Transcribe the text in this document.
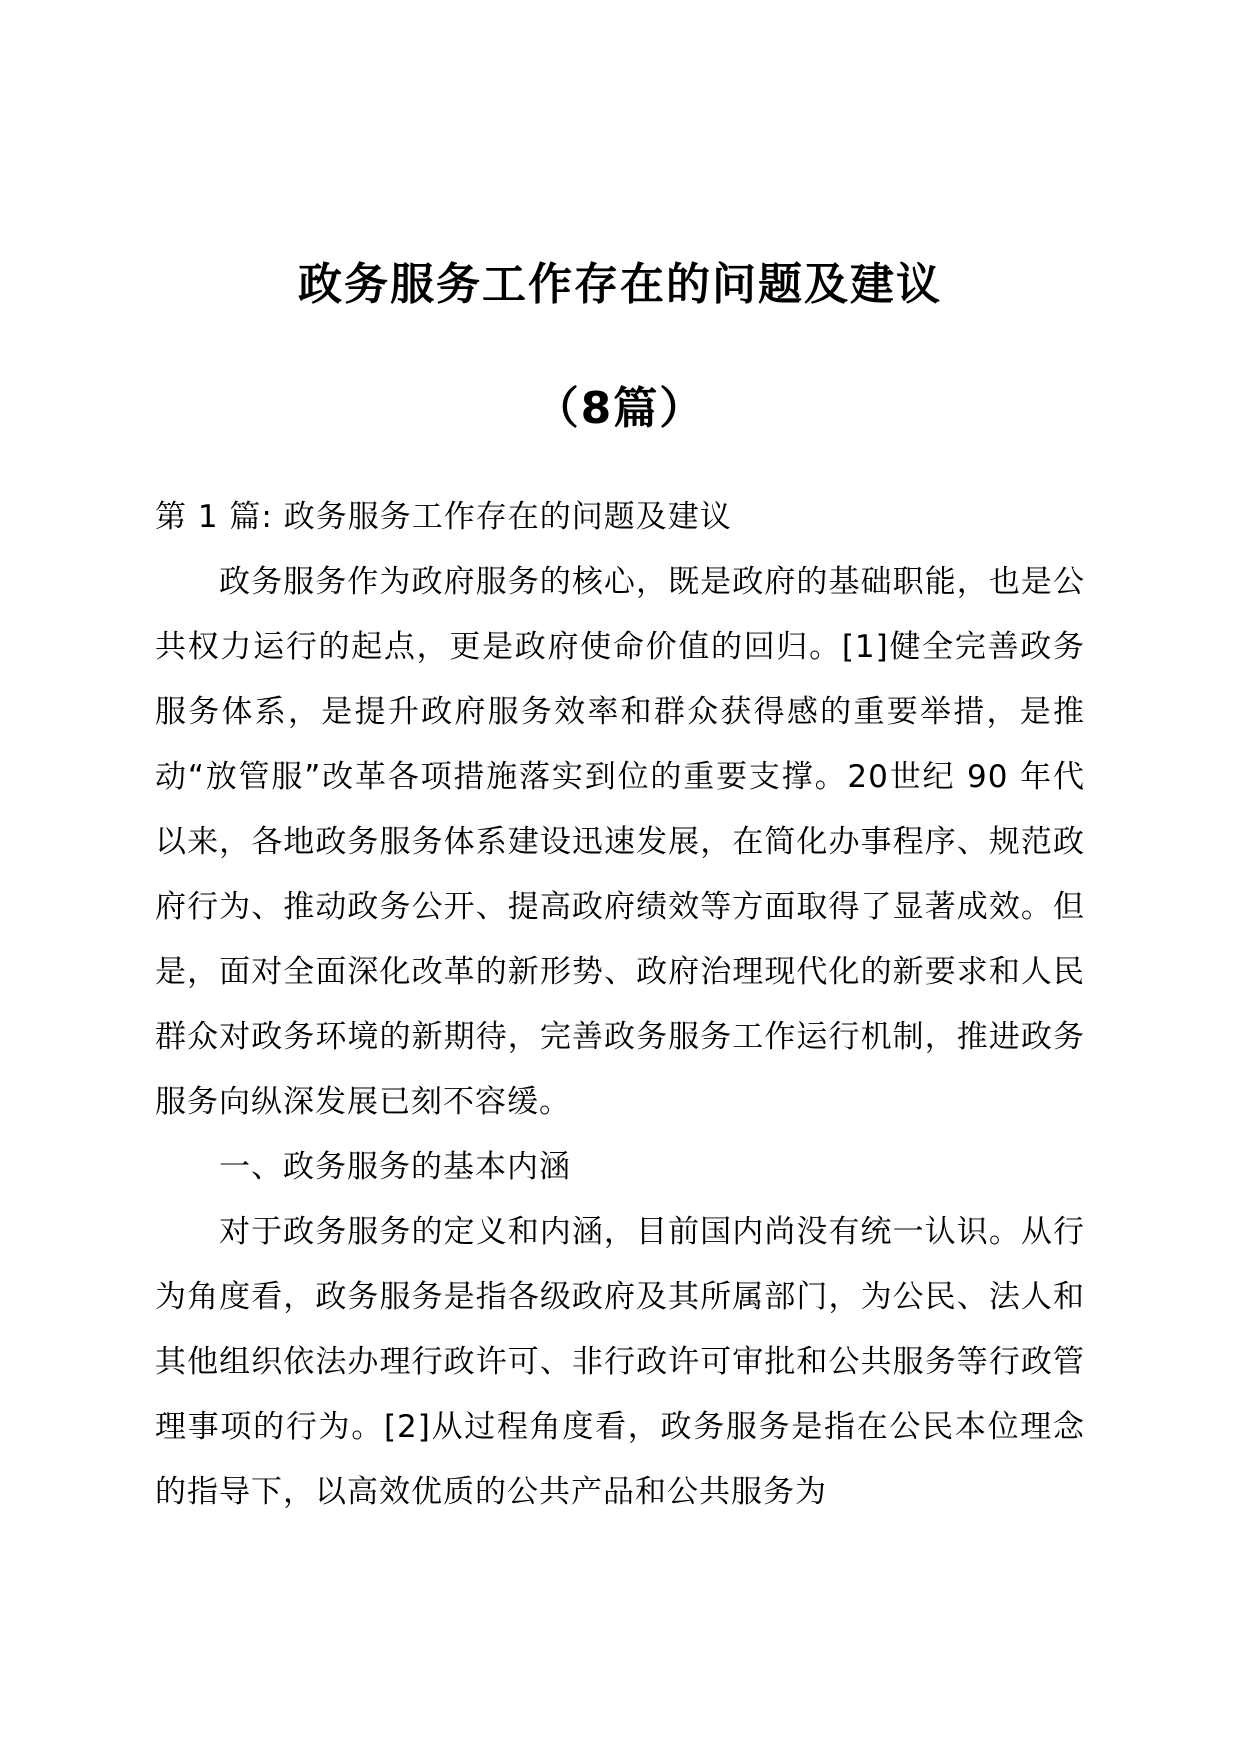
政务服务工作存在的问题及建议
（8篇）

第 1 篇: 政务服务工作存在的问题及建议

政务服务作为政府服务的核心，既是政府的基础职能，也是公共权力运行的起点，更是政府使命价值的回归。[1]健全完善政务服务体系，是提升政府服务效率和群众获得感的重要举措，是推动“放管服”改革各项措施落实到位的重要支撑。20世纪 90 年代以来，各地政务服务体系建设迅速发展，在简化办事程序、规范政府行为、推动政务公开、提高政府绩效等方面取得了显著成效。但是，面对全面深化改革的新形势、政府治理现代化的新要求和人民群众对政务环境的新期待，完善政务服务工作运行机制，推进政务服务向纵深发展已刻不容缓。

一、政务服务的基本内涵

对于政务服务的定义和内涵，目前国内尚没有统一认识。从行为角度看，政务服务是指各级政府及其所属部门，为公民、法人和其他组织依法办理行政许可、非行政许可审批和公共服务等行政管理事项的行为。[2]从过程角度看，政务服务是指在公民本位理念的指导下，以高效优质的公共产品和公共服务为
